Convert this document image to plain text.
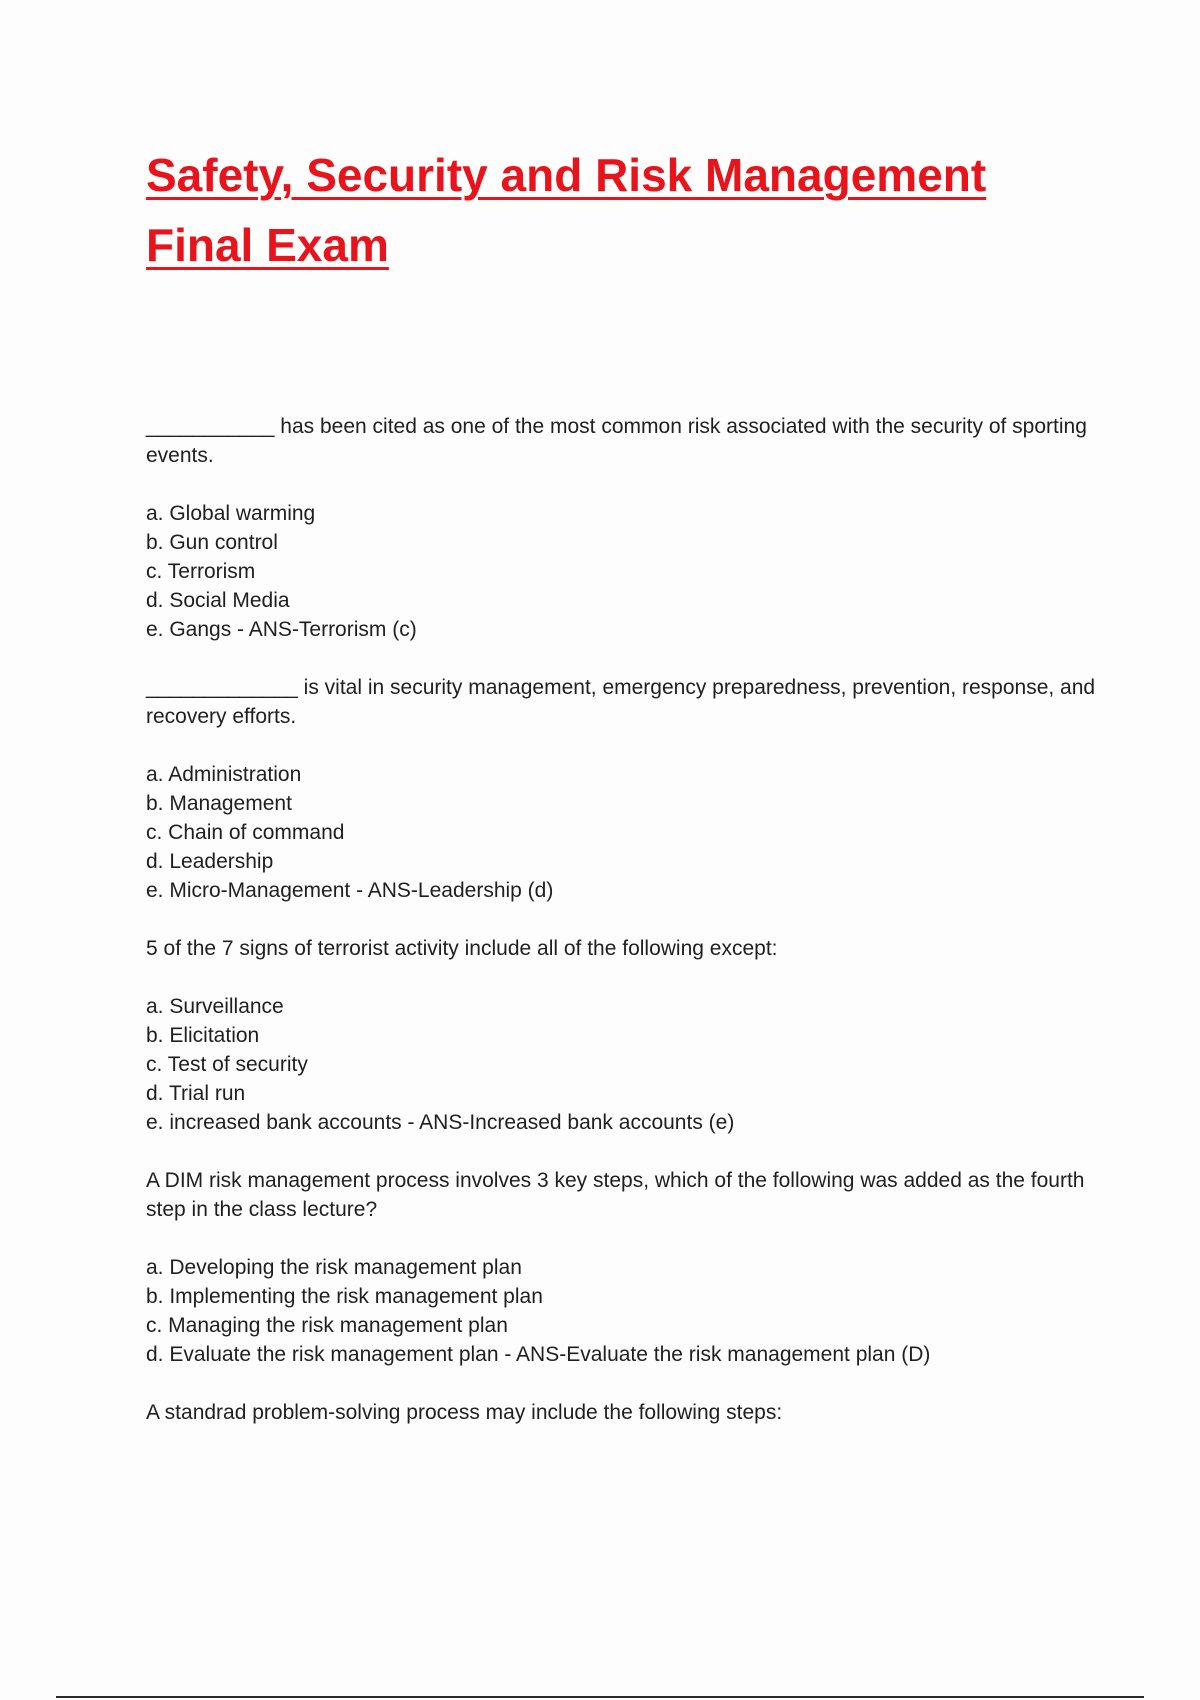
Safety, Security and Risk Management
Final Exam

___________ has been cited as one of the most common risk associated with the security of sporting events.

a. Global warming
b. Gun control
c. Terrorism
d. Social Media
e. Gangs - ANS-Terrorism (c)

_____________ is vital in security management, emergency preparedness, prevention, response, and recovery efforts.

a. Administration
b. Management
c. Chain of command
d. Leadership
e. Micro-Management - ANS-Leadership (d)

5 of the 7 signs of terrorist activity include all of the following except:

a. Surveillance
b. Elicitation
c. Test of security
d. Trial run
e. increased bank accounts - ANS-Increased bank accounts (e)

A DIM risk management process involves 3 key steps, which of the following was added as the fourth step in the class lecture?

a. Developing the risk management plan
b. Implementing the risk management plan
c. Managing the risk management plan
d. Evaluate the risk management plan - ANS-Evaluate the risk management plan (D)

A standrad problem-solving process may include the following steps:
